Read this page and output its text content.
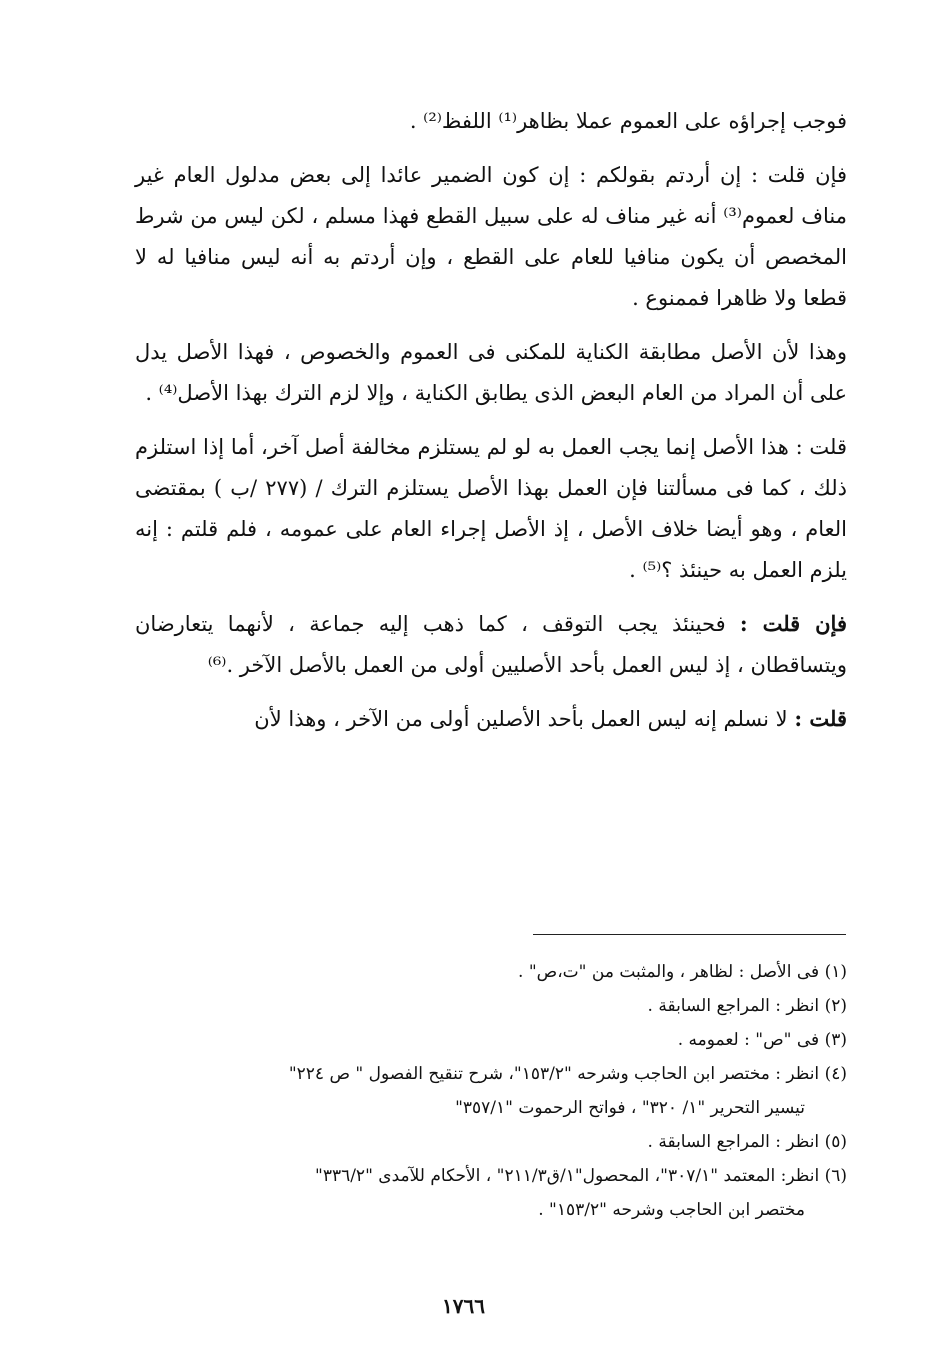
فوجب إجراؤه على العموم عملا بظاهر⁽¹⁾ اللفظ⁽²⁾ .

فإن قلت : إن أردتم بقولكم : إن كون الضمير عائدا إلى بعض مدلول العام غير مناف لعموم⁽³⁾ أنه غير مناف له على سبيل القطع فهذا مسلم ، لكن ليس من شرط المخصص أن يكون منافيا للعام على القطع ، وإن أردتم به أنه ليس منافيا له لا قطعا ولا ظاهرا فممنوع .

وهذا لأن الأصل مطابقة الكناية للمكنى فى العموم والخصوص ، فهذا الأصل يدل على أن المراد من العام البعض الذى يطابق الكناية ، وإلا لزم الترك بهذا الأصل⁽⁴⁾ .

قلت : هذا الأصل إنما يجب العمل به لو لم يستلزم مخالفة أصل آخر، أما إذا استلزم ذلك ، كما فى مسألتنا فإن العمل بهذا الأصل يستلزم الترك / (٢٧٧ /ب ) بمقتضى العام ، وهو أيضا خلاف الأصل ، إذ الأصل إجراء العام على عمومه ، فلم قلتم : إنه يلزم العمل به حينئذ ؟⁽⁵⁾ .

فإن قلت : فحينئذ يجب التوقف ، كما ذهب إليه جماعة ، لأنهما يتعارضان ويتساقطان ، إذ ليس العمل بأحد الأصليين أولى من العمل بالأصل الآخر .⁽⁶⁾

قلت : لا نسلم إنه ليس العمل بأحد الأصلين أولى من الآخر ، وهذا لأن

(١) فى الأصل : لظاهر ، والمثبت من "ت،ص" .

(٢) انظر : المراجع السابقة .

(٣) فى "ص" : لعمومه .

(٤) انظر : مختصر ابن الحاجب وشرحه "١٥٣/٢"، شرح تنقيح الفصول " ص ٢٢٤"
تيسير التحرير "١/ ٣٢٠" ، فواتح الرحموت "٣٥٧/١"

(٥) انظر : المراجع السابقة .

(٦) انظر: المعتمد "٣٠٧/١"، المحصول"١/ق٢١١/٣" ، الأحكام للآمدى "٣٣٦/٢"
مختصر ابن الحاجب وشرحه "١٥٣/٢" .

١٧٦٦
